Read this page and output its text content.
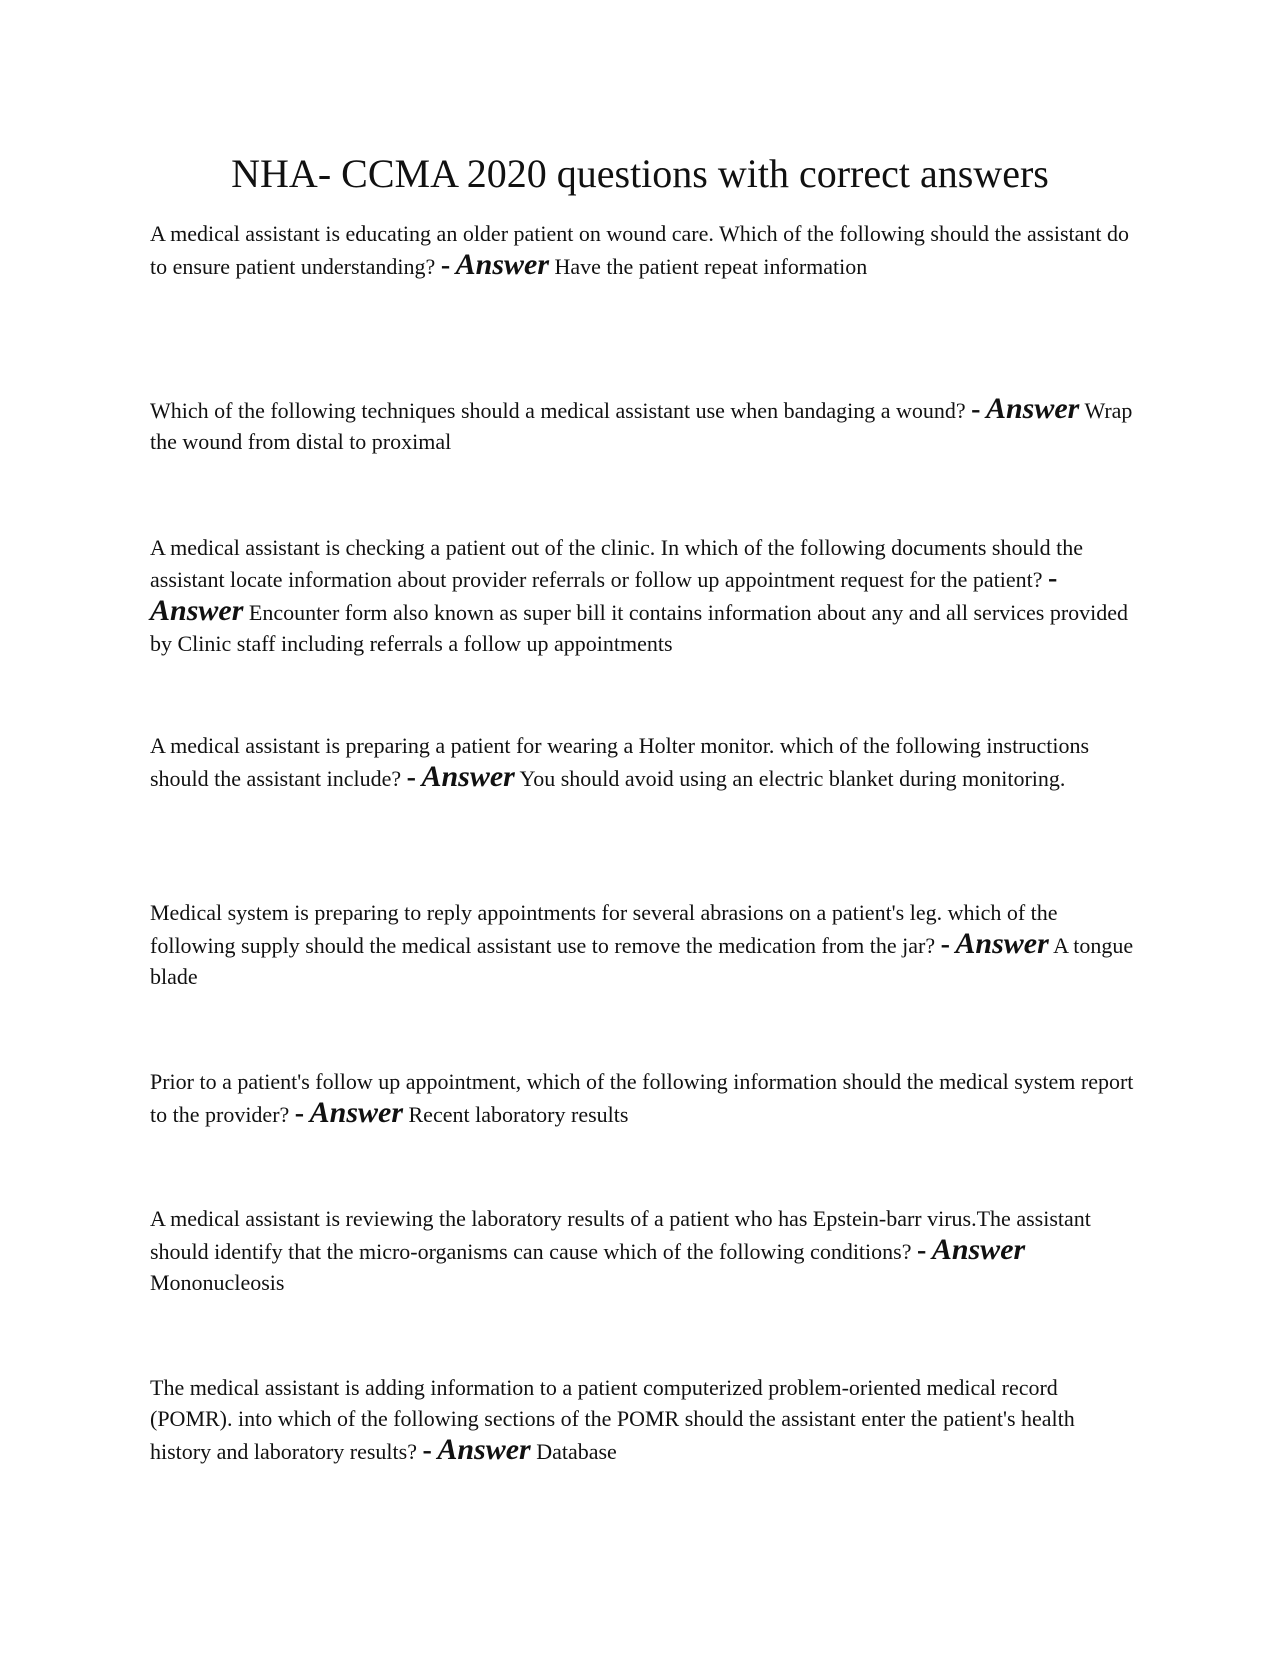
NHA- CCMA 2020 questions with correct answers

A medical assistant is educating an older patient on wound care. Which of the following should the assistant do to ensure patient understanding? - Answer Have the patient repeat information

Which of the following techniques should a medical assistant use when bandaging a wound? - Answer Wrap the wound from distal to proximal

A medical assistant is checking a patient out of the clinic. In which of the following documents should the assistant locate information about provider referrals or follow up appointment request for the patient? - Answer Encounter form also known as super bill it contains information about any and all services provided by Clinic staff including referrals a follow up appointments

A medical assistant is preparing a patient for wearing a Holter monitor. which of the following instructions should the assistant include? - Answer You should avoid using an electric blanket during monitoring.

Medical system is preparing to reply appointments for several abrasions on a patient's leg. which of the following supply should the medical assistant use to remove the medication from the jar? - Answer A tongue blade

Prior to a patient's follow up appointment, which of the following information should the medical system report to the provider? - Answer Recent laboratory results

A medical assistant is reviewing the laboratory results of a patient who has Epstein-barr virus.The assistant should identify that the micro-organisms can cause which of the following conditions? - Answer Mononucleosis

The medical assistant is adding information to a patient computerized problem-oriented medical record (POMR). into which of the following sections of the POMR should the assistant enter the patient's health history and laboratory results? - Answer Database
